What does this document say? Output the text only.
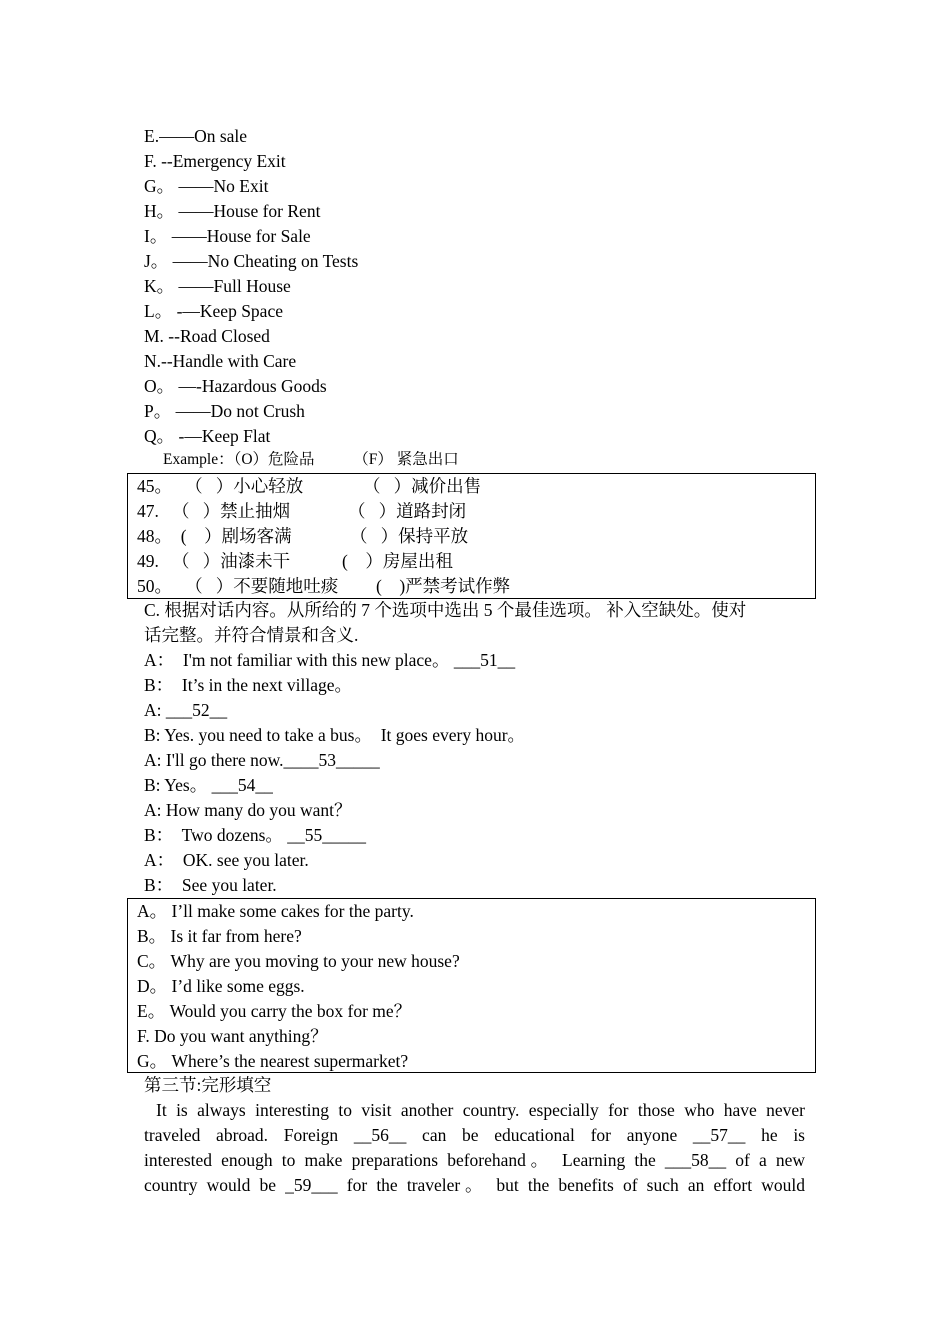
E.——On sale
F. --Emergency Exit
G。 ——No Exit
H。 ——House for Rent
I。 ——House for Sale
J。 ——No Cheating on Tests
K。 ——Full House
L。 -—Keep Space
M. --Road Closed
N.--Handle with Care
O。 —-Hazardous Goods
P。 ——Do not Crush
Q。 -—Keep Flat
Example：（O）危险品          （F） 紧急出口
45。   （   ）小心轻放	（   ）减价出售
47.   （   ）禁止抽烟	（   ）道路封闭
48。  (    ）剧场客满	（   ）保持平放
49.   （   ）油漆未干	(    ）房屋出租
50。   （   ）不要随地吐痰 (    )严禁考试作弊
C. 根据对话内容。从所给的 7 个选项中选出 5 个最佳选项。 补入空缺处。使对
话完整。并符合情景和含义.
A：  I'm not familiar with this new place。 ___51__
B：  It’s in the next village。
A: ___52__
B: Yes. you need to take a bus。  It goes every hour。
A: I'll go there now.____53_____
B: Yes。 ___54__
A: How many do you want？
B：  Two dozens。 __55_____
A：  OK. see you later.
B：  See you later.
A。 I’ll make some cakes for the party.
B。 Is it far from here?
C。 Why are you moving to your new house?
D。 I’d like some eggs.
E。 Would you carry the box for me？
F. Do you want anything？
G。 Where’s the nearest supermarket?
第三节:完形填空
It is always interesting to visit another country. especially for those who have never
traveled abroad. Foreign __56__ can be educational for anyone __57__ he is
interested enough to make preparations beforehand。 Learning the ___58__ of a new
country would be _59___ for the traveler。 but the benefits of such an effort would
